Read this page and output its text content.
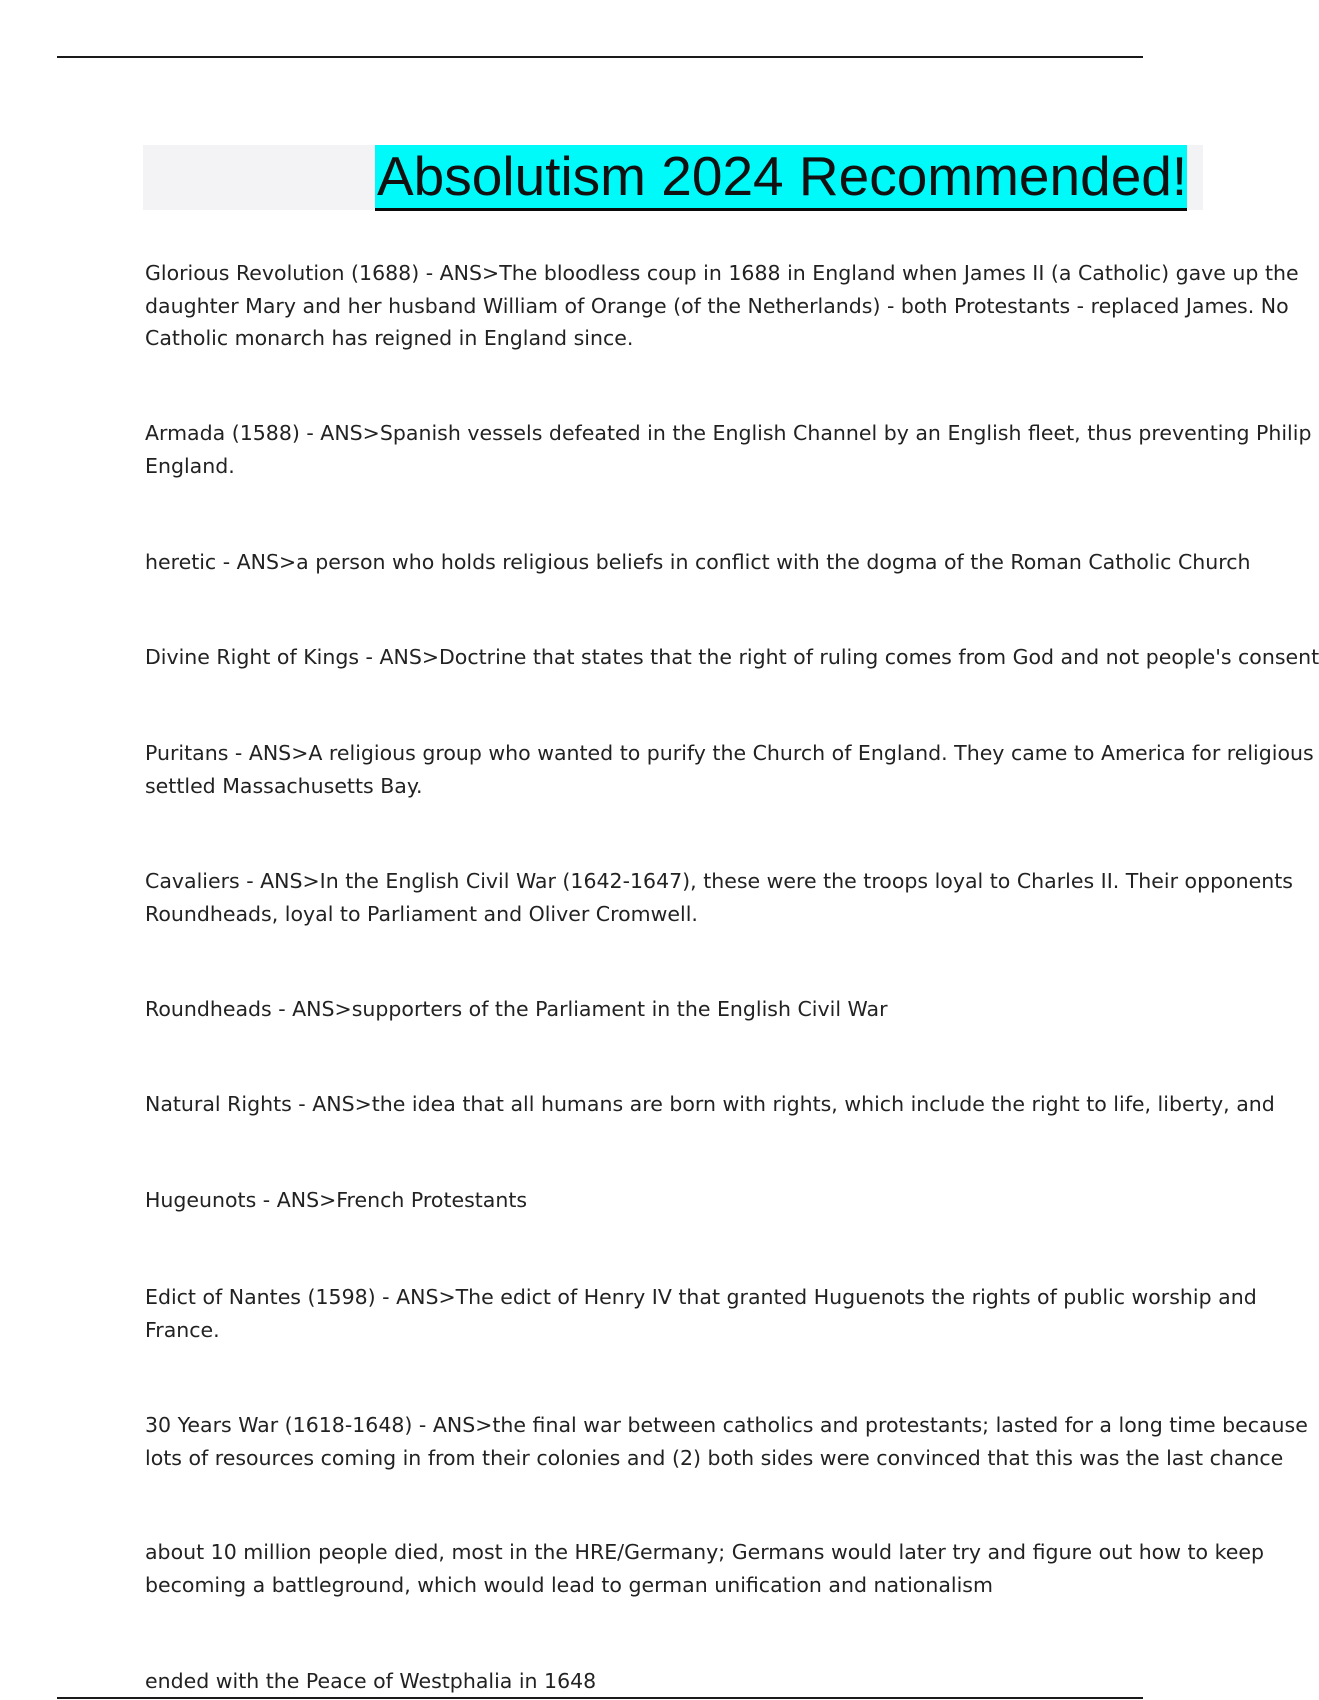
Absolutism 2024 Recommended!
Glorious Revolution (1688) - ANS>The bloodless coup in 1688 in England when James II (a Catholic) gave up the
daughter Mary and her husband William of Orange (of the Netherlands) - both Protestants - replaced James. No
Catholic monarch has reigned in England since.
Armada (1588) - ANS>Spanish vessels defeated in the English Channel by an English fleet, thus preventing Philip
England.
heretic - ANS>a person who holds religious beliefs in conflict with the dogma of the Roman Catholic Church
Divine Right of Kings - ANS>Doctrine that states that the right of ruling comes from God and not people's consent
Puritans - ANS>A religious group who wanted to purify the Church of England. They came to America for religious
settled Massachusetts Bay.
Cavaliers - ANS>In the English Civil War (1642-1647), these were the troops loyal to Charles II. Their opponents
Roundheads, loyal to Parliament and Oliver Cromwell.
Roundheads - ANS>supporters of the Parliament in the English Civil War
Natural Rights - ANS>the idea that all humans are born with rights, which include the right to life, liberty, and
Hugeunots - ANS>French Protestants
Edict of Nantes (1598) - ANS>The edict of Henry IV that granted Huguenots the rights of public worship and
France.
30 Years War (1618-1648) - ANS>the final war between catholics and protestants; lasted for a long time because
lots of resources coming in from their colonies and (2) both sides were convinced that this was the last chance
about 10 million people died, most in the HRE/Germany; Germans would later try and figure out how to keep
becoming a battleground, which would lead to german unification and nationalism
ended with the Peace of Westphalia in 1648
